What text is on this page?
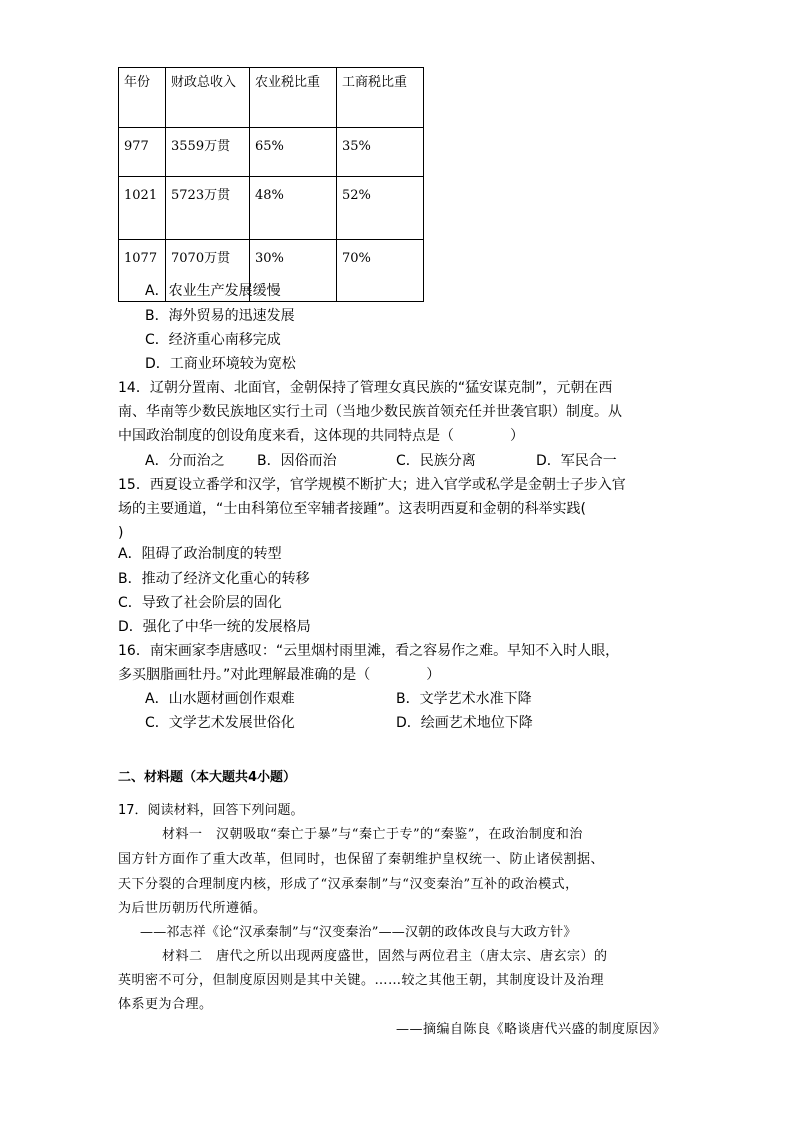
年份	财政总收入	农业税比重	工商税比重
977	3559万贯	65%	35%
1021	5723万贯	48%	52%
1077	7070万贯	30%	70%
A．农业生产发展缓慢
B．海外贸易的迅速发展
C．经济重心南移完成
D．工商业环境较为宽松
14．辽朝分置南、北面官，金朝保持了管理女真民族的“猛安谋克制”，元朝在西
南、华南等少数民族地区实行土司（当地少数民族首领充任并世袭官职）制度。从
中国政治制度的创设角度来看，这体现的共同特点是（　　　　）
A．分而治之 B．因俗而治	C．民族分离	D．军民合一
15．西夏设立番学和汉学，官学规模不断扩大；进入官学或私学是金朝士子步入官
场的主要通道，“士由科第位至宰辅者接踵”。这表明西夏和金朝的科举实践(
)
A．阻碍了政治制度的转型
B．推动了经济文化重心的转移
C．导致了社会阶层的固化
D．强化了中华一统的发展格局
16．南宋画家李唐感叹：“云里烟村雨里滩，看之容易作之难。早知不入时人眼，
多买胭脂画牡丹。”对此理解最准确的是（　　　　）
A．山水题材画创作艰难	B．文学艺术水准下降
C．文学艺术发展世俗化	D．绘画艺术地位下降
二、材料题（本大题共4小题）
17．阅读材料，回答下列问题。
材料一　汉朝吸取“秦亡于暴”与“秦亡于专”的“秦鉴”，在政治制度和治
国方针方面作了重大改革，但同时，也保留了秦朝维护皇权统一、防止诸侯割据、
天下分裂的合理制度内核，形成了“汉承秦制”与“汉变秦治”互补的政治模式，
为后世历朝历代所遵循。
——祁志祥《论“汉承秦制”与“汉变秦治”——汉朝的政体改良与大政方针》
材料二　唐代之所以出现两度盛世，固然与两位君主（唐太宗、唐玄宗）的
英明密不可分，但制度原因则是其中关键。……较之其他王朝，其制度设计及治理
体系更为合理。
——摘编自陈良《略谈唐代兴盛的制度原因》
